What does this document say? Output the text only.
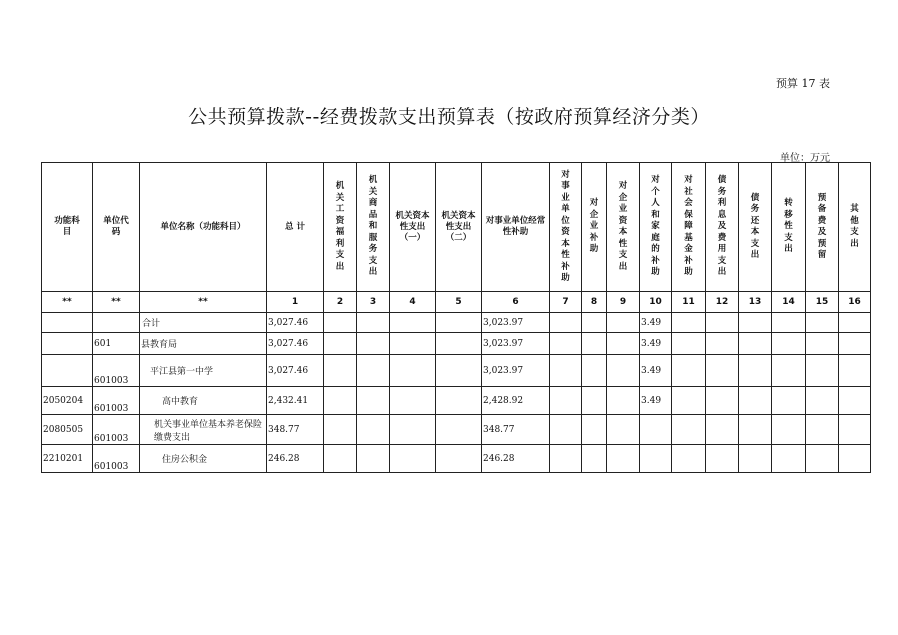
预算 17 表
公共预算拨款--经费拨款支出预算表（按政府预算经济分类）
单位：万元
功能科目	单位代码	单位名称（功能科目）	总 计	机关工资福利支出	机关商品和服务支出	机关资本性支出（一）	机关资本性支出（二）	对事业单位经常性补助	对事业单位资本性补助	对企业补助	对企业资本性支出	对个人和家庭的补助	对社会保障基金补助	债务利息及费用支出	债务还本支出	转移性支出	预备费及预留	其他支出
**	**	**	1	2	3	4	5	6	7	8	9	10	11	12	13	14	15	16
		合计	3,027.46					3,023.97				3.49						
	601	县教育局	3,027.46					3,023.97				3.49						
	601003	平江县第一中学	3,027.46					3,023.97				3.49						
2050204	601003	高中教育	2,432.41					2,428.92				3.49						
2080505	601003	机关事业单位基本养老保险缴费支出	348.77					348.77										
2210201	601003	住房公积金	246.28					246.28										
